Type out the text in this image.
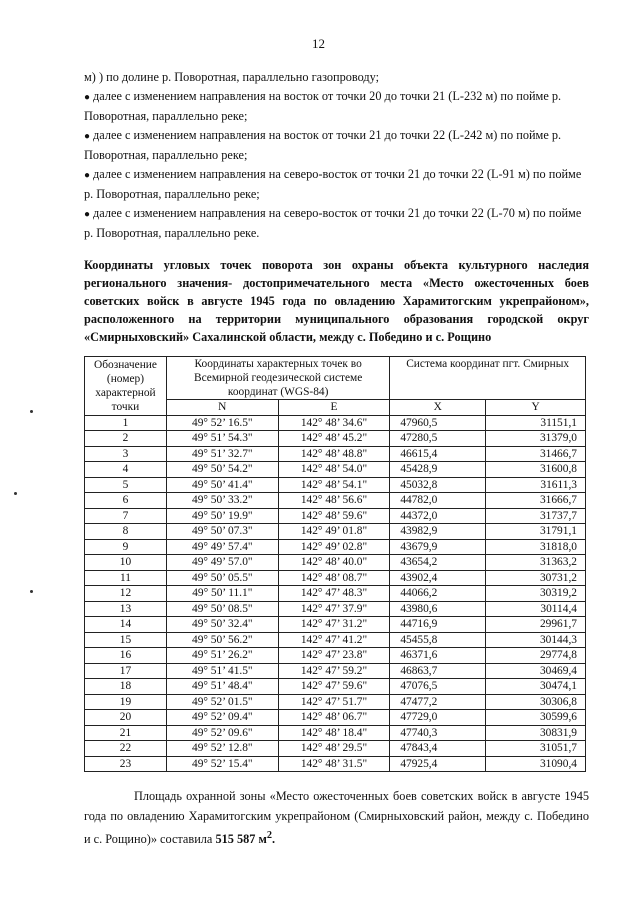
12

м) ) по долине р. Поворотная, параллельно газопроводу;

● далее с изменением направления на восток от точки 20 до точки 21 (L-232 м) по пойме р. Поворотная, параллельно реке;

● далее с изменением направления на восток от точки 21 до точки 22 (L-242 м) по пойме р. Поворотная, параллельно реке;

● далее с изменением направления на северо-восток от точки 21 до точки 22 (L-91 м) по пойме р. Поворотная, параллельно реке;

● далее с изменением направления на северо-восток от точки 21 до точки 22 (L-70 м) по пойме р. Поворотная, параллельно реке.

Координаты угловых точек поворота зон охраны объекта культурного наследия регионального значения- достопримечательного места «Место ожесточенных боев советских войск в августе 1945 года по овладению Харамитогским укрепрайоном», расположенного на территории муниципального образования городской округ «Смирныховский» Сахалинской области, между с. Победино и с. Рощино
Обозначение (номер) характерной точки	Координаты характерных точек во Всемирной геодезической системе координат (WGS-84)		Система координат пгт. Смирных	
	N	E	X	Y
1	49° 52’ 16.5"	142° 48’ 34.6"	47960,5	31151,1
2	49° 51’ 54.3"	142° 48’ 45.2"	47280,5	31379,0
3	49° 51’ 32.7"	142° 48’ 48.8"	46615,4	31466,7
4	49° 50’ 54.2"	142° 48’ 54.0"	45428,9	31600,8
5	49° 50’ 41.4"	142° 48’ 54.1"	45032,8	31611,3
6	49° 50’ 33.2"	142° 48’ 56.6"	44782,0	31666,7
7	49° 50’ 19.9"	142° 48’ 59.6"	44372,0	31737,7
8	49° 50’ 07.3"	142° 49’ 01.8"	43982,9	31791,1
9	49° 49’ 57.4"	142° 49’ 02.8"	43679,9	31818,0
10	49° 49’ 57.0"	142° 48’ 40.0"	43654,2	31363,2
11	49° 50’ 05.5"	142° 48’ 08.7"	43902,4	30731,2
12	49° 50’ 11.1"	142° 47’ 48.3"	44066,2	30319,2
13	49° 50’ 08.5"	142° 47’ 37.9"	43980,6	30114,4
14	49° 50’ 32.4"	142° 47’ 31.2"	44716,9	29961,7
15	49° 50’ 56.2"	142° 47’ 41.2"	45455,8	30144,3
16	49° 51’ 26.2"	142° 47’ 23.8"	46371,6	29774,8
17	49° 51’ 41.5"	142° 47’ 59.2"	46863,7	30469,4
18	49° 51’ 48.4"	142° 47’ 59.6"	47076,5	30474,1
19	49° 52’ 01.5"	142° 47’ 51.7"	47477,2	30306,8
20	49° 52’ 09.4"	142° 48’ 06.7"	47729,0	30599,6
21	49° 52’ 09.6"	142° 48’ 18.4"	47740,3	30831,9
22	49° 52’ 12.8"	142° 48’ 29.5"	47843,4	31051,7
23	49° 52’ 15.4"	142° 48’ 31.5"	47925,4	31090,4
Площадь охранной зоны «Место ожесточенных боев советских войск в августе 1945 года по овладению Харамитогским укрепрайоном (Смирныховский район, между с. Победино и с. Рощино)» составила 515 587 $м^2$.
